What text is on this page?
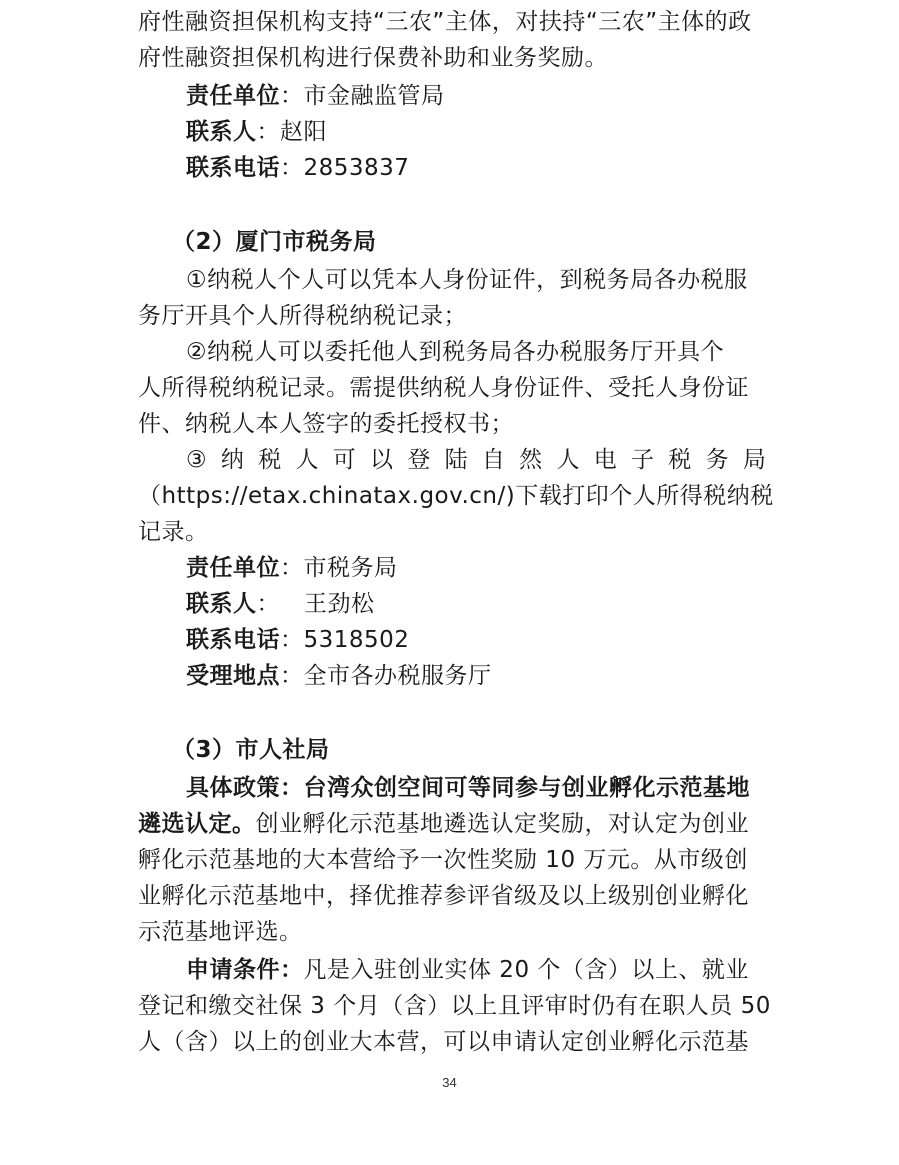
府性融资担保机构支持“三农”主体，对扶持“三农”主体的政
府性融资担保机构进行保费补助和业务奖励。
责任单位：市金融监管局
联系人：赵阳
联系电话：2853837
（2）厦门市税务局
①纳税人个人可以凭本人身份证件，到税务局各办税服
务厅开具个人所得税纳税记录；
②纳税人可以委托他人到税务局各办税服务厅开具个
人所得税纳税记录。需提供纳税人身份证件、受托人身份证
件、纳税人本人签字的委托授权书；
③ 纳 税 人 可 以 登 陆 自 然 人 电 子 税 务 局
（https://etax.chinatax.gov.cn/)下载打印个人所得税纳税
记录。
责任单位：市税务局
联系人： 王劲松
联系电话：5318502
受理地点：全市各办税服务厅
（3）市人社局
具体政策：台湾众创空间可等同参与创业孵化示范基地
遴选认定。创业孵化示范基地遴选认定奖励，对认定为创业
孵化示范基地的大本营给予一次性奖励 10 万元。从市级创
业孵化示范基地中，择优推荐参评省级及以上级别创业孵化
示范基地评选。
申请条件：凡是入驻创业实体 20 个（含）以上、就业
登记和缴交社保 3 个月（含）以上且评审时仍有在职人员 50
人（含）以上的创业大本营，可以申请认定创业孵化示范基
34
